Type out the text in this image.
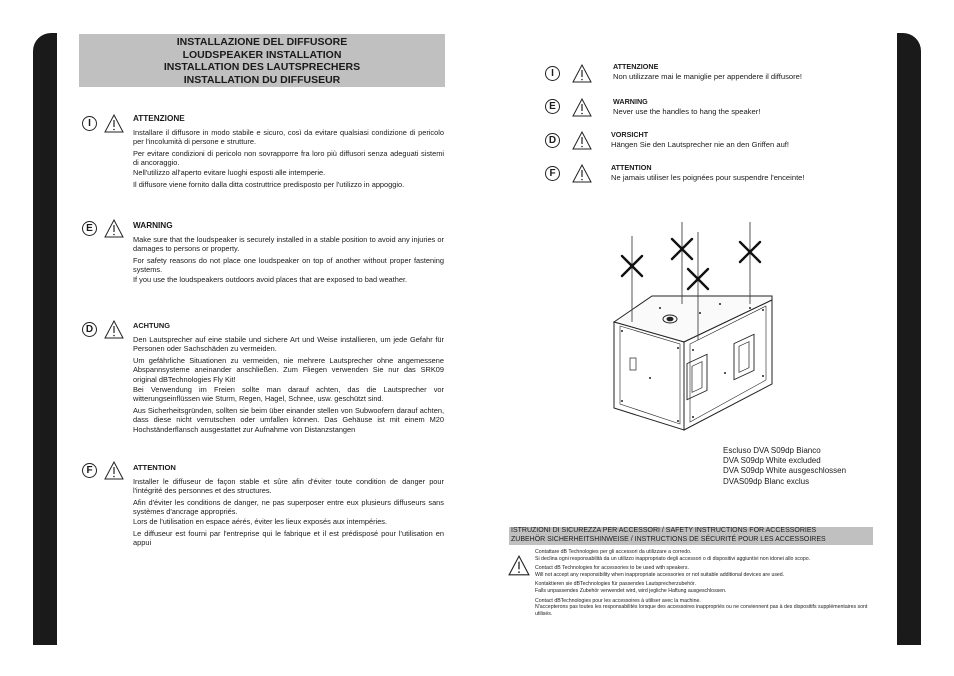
19	20
INSTALLAZIONE DEL DIFFUSORE
LOUDSPEAKER INSTALLATION
INSTALLATION DES LAUTSPRECHERS
INSTALLATION DU DIFFUSEUR
I
E
D
F
ATTENZIONE

Installare il diffusore in modo stabile e sicuro, così da evitare qualsiasi condizione di pericolo per l'incolumità di persone e strutture.

Per evitare condizioni di pericolo non sovrapporre fra loro più diffusori senza adeguati sistemi di ancoraggio.

Nell'utilizzo all'aperto evitare luoghi esposti alle intemperie.

Il diffusore viene fornito dalla ditta costruttrice predisposto per l'utilizzo in appoggio.

WARNING

Make sure that the loudspeaker is securely installed in a stable position to avoid any injuries or damages to persons or property.

For safety reasons do not place one loudspeaker on top of another without proper fastening systems.

If you use the loudspeakers outdoors avoid places that are exposed to bad weather.

ACHTUNG

Den Lautsprecher auf eine stabile und sichere Art und Weise installieren, um jede Gefahr für Personen oder Sachschäden zu vermeiden.

Um gefährliche Situationen zu vermeiden, nie mehrere Lautsprecher ohne angemessene Abspannsysteme aneinander anschließen. Zum Fliegen verwenden Sie nur das SRK09 original dBTechnologies Fly Kit!

Bei Verwendung im Freien sollte man darauf achten, das die Lautsprecher vor witterungseinflüssen wie Sturm, Regen, Hagel, Schnee, usw. geschützt sind.

Aus Sicherheitsgründen, sollten sie beim über einander stellen von Subwoofern darauf achten, dass diese nicht verrutschen oder umfallen können. Das Gehäuse ist mit einem M20 Hochständerflansch ausgestattet zur Aufnahme von Distanzstangen

ATTENTION

Installer le diffuseur de façon stable et sûre afin d'éviter toute condition de danger pour l'intégrité des personnes et des structures.

Afin d'éviter les conditions de danger, ne pas superposer entre eux plusieurs diffuseurs sans systèmes d'ancrage appropriés.

Lors de l'utilisation en espace aérés, éviter les lieux exposés aux intempéries.

Le diffuseur est fourni par l'entreprise qui le fabrique et il est prédisposé pour l'utilisation en appui

I
ATTENZIONE
Non utilizzare mai le maniglie per appendere il diffusore!
E	WARNING
Never use the handles to hang the speaker!
D
VORSICHT
Hängen Sie den Lautsprecher nie an den Griffen auf!
F
ATTENTION
Ne jamais utiliser les poignées pour suspendre l'enceinte!
Escluso DVA S09dp Bianco
DVA S09dp White excluded
DVA S09dp White ausgeschlossen
DVAS09dp Blanc exclus
ISTRUZIONI DI SICUREZZA PER ACCESSORI / SAFETY INSTRUCTIONS FOR ACCESSORIES
ZUBEHÖR SICHERHEITSHINWEISE / INSTRUCTIONS DE SÉCURITÉ POUR LES ACCESSOIRES

Contattare dB Technologies per gli accessori da utilizzare a corredo.
Si declina ogni responsabilità da un utilizzo inappropriato degli accessori o di dispositivi aggiuntivi non idonei allo scopo.

Contact dB Technologies for accessories to be used with speakers.
Will not accept any responsibility when inappropriate accessories or not suitable additional devices are used.

Kontaktieren sie dBTechnologies für passendes Lautsprecherzubehör.
Falls unpassendes Zubehör verwendet wird, wird jegliche Haftung ausgeschlossen.

Contact dBTechnologies pour les accessoires à utiliser avec la machine.
N'accepterons pas toutes les responsabilités lorsque des accessoires inappropriés ou ne conviennent pas à des dispositifs supplémentaires sont utilisés.
